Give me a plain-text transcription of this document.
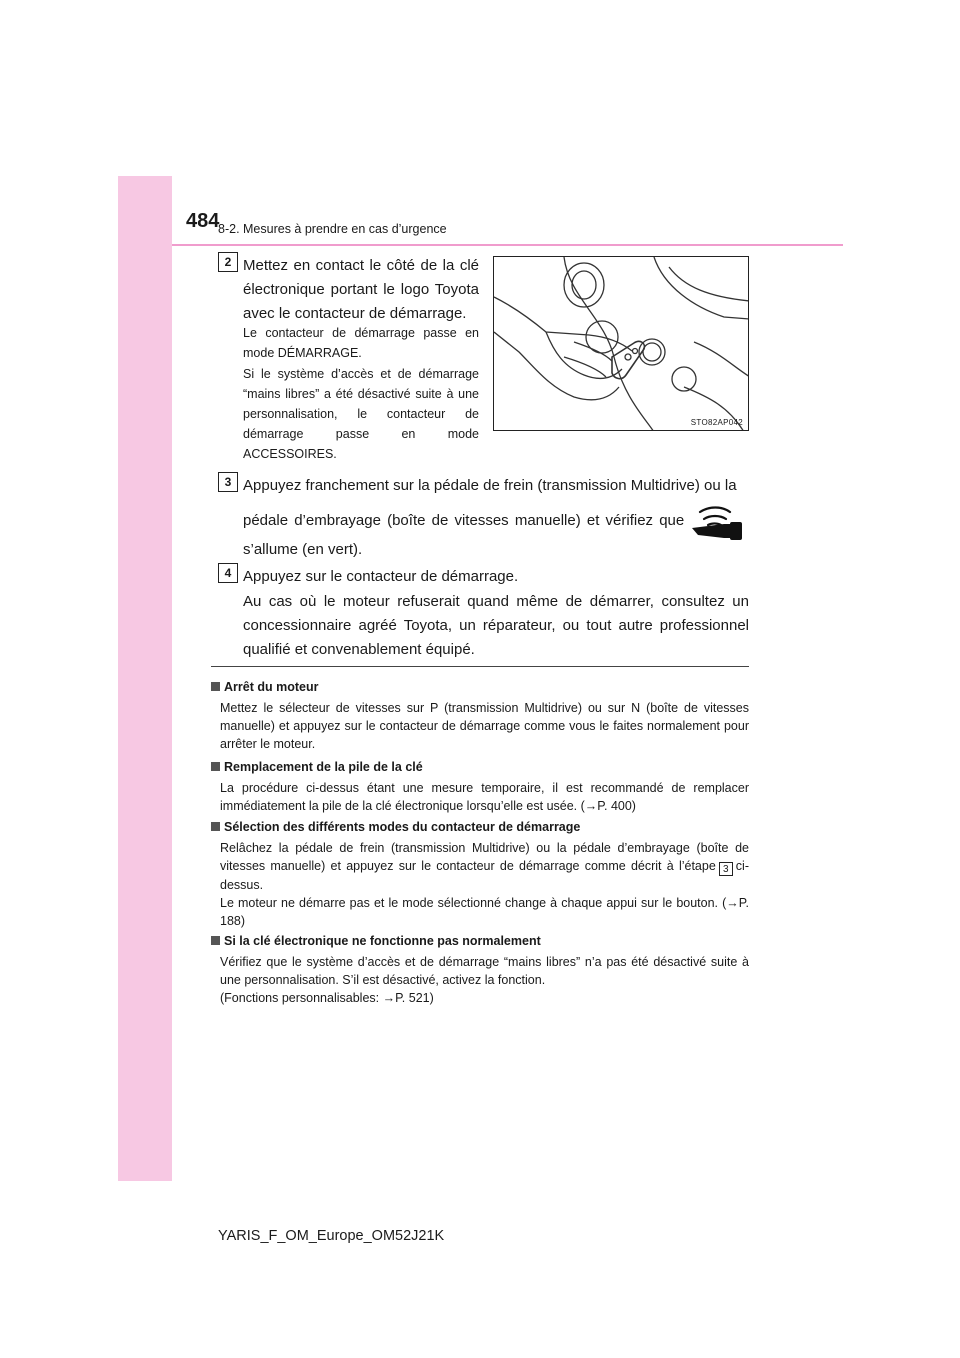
484
8-2. Mesures à prendre en cas d’urgence
2 Mettez en contact le côté de la clé électronique portant le logo Toyota avec le contacteur de démarrage.
Le contacteur de démarrage passe en mode DÉMARRAGE.
Si le système d’accès et de démarrage “mains libres” a été désactivé suite à une personnalisation, le contacteur de démarrage passe en mode ACCESSOIRES.
STO82AP042
3 Appuyez franchement sur la pédale de frein (transmission Multidrive) ou la
pédale d’embrayage (boîte de vitesses manuelle) et vérifiez que
s’allume (en vert).
4 Appuyez sur le contacteur de démarrage.
Au cas où le moteur refuserait quand même de démarrer, consultez un concessionnaire agréé Toyota, un réparateur, ou tout autre professionnel qualifié et convenablement équipé.
Arrêt du moteur
Mettez le sélecteur de vitesses sur P (transmission Multidrive) ou sur N (boîte de vitesses manuelle) et appuyez sur le contacteur de démarrage comme vous le faites normalement pour arrêter le moteur.
Remplacement de la pile de la clé
La procédure ci-dessus étant une mesure temporaire, il est recommandé de remplacer immédiatement la pile de la clé électronique lorsqu’elle est usée. (→P. 400)
Sélection des différents modes du contacteur de démarrage
Relâchez la pédale de frein (transmission Multidrive) ou la pédale d’embrayage (boîte de vitesses manuelle) et appuyez sur le contacteur de démarrage comme décrit à l’étape 3 ci-dessus.
Le moteur ne démarre pas et le mode sélectionné change à chaque appui sur le bouton. (→P. 188)
Si la clé électronique ne fonctionne pas normalement
Vérifiez que le système d’accès et de démarrage “mains libres” n’a pas été désactivé suite à une personnalisation. S’il est désactivé, activez la fonction.
(Fonctions personnalisables: →P. 521)
YARIS_F_OM_Europe_OM52J21K
